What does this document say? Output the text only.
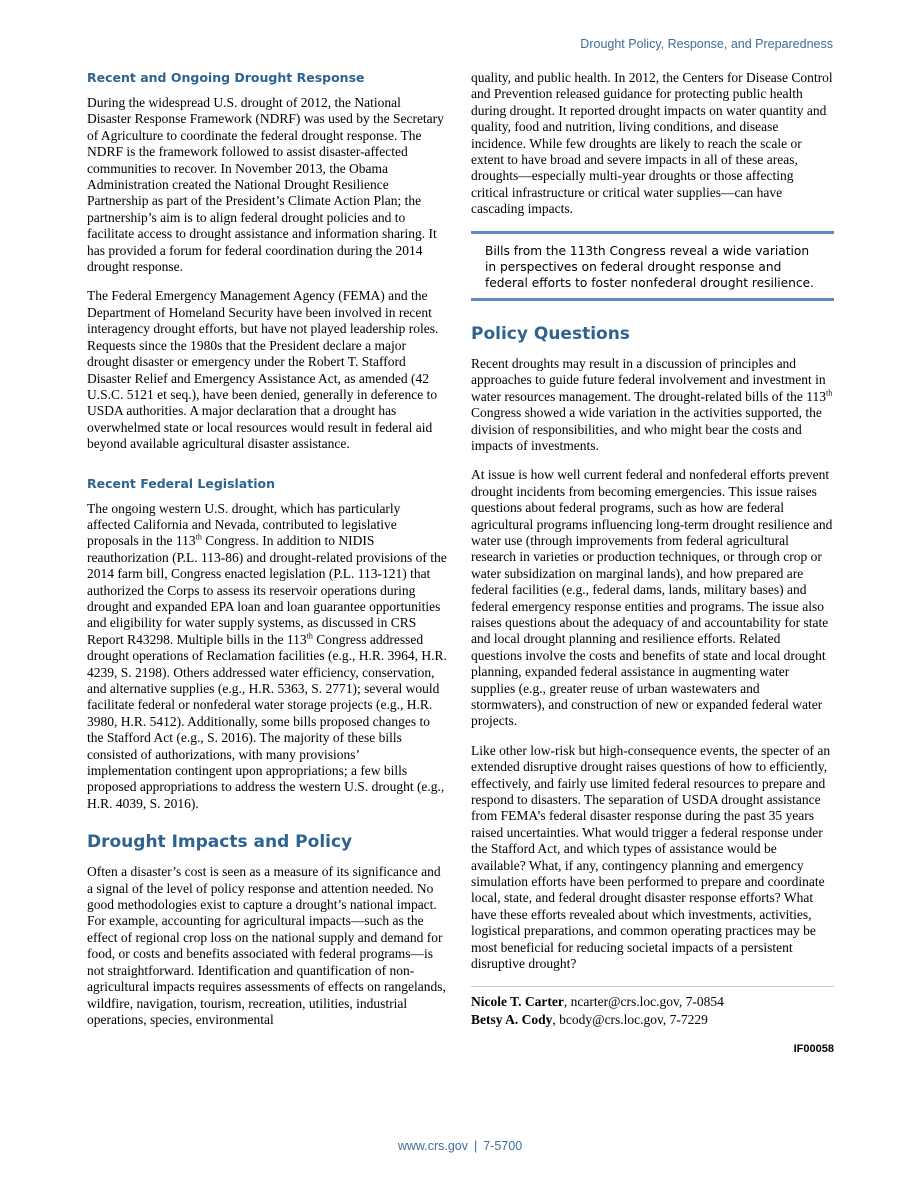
Drought Policy, Response, and Preparedness
Recent and Ongoing Drought Response

During the widespread U.S. drought of 2012, the National Disaster Response Framework (NDRF) was used by the Secretary of Agriculture to coordinate the federal drought response. The NDRF is the framework followed to assist disaster-affected communities to recover. In November 2013, the Obama Administration created the National Drought Resilience Partnership as part of the President’s Climate Action Plan; the partnership’s aim is to align federal drought policies and to facilitate access to drought assistance and information sharing. It has provided a forum for federal coordination during the 2014 drought response.

The Federal Emergency Management Agency (FEMA) and the Department of Homeland Security have been involved in recent interagency drought efforts, but have not played leadership roles. Requests since the 1980s that the President declare a major drought disaster or emergency under the Robert T. Stafford Disaster Relief and Emergency Assistance Act, as amended (42 U.S.C. 5121 et seq.), have been denied, generally in deference to USDA authorities. A major declaration that a drought has overwhelmed state or local resources would result in federal aid beyond available agricultural disaster assistance.

Recent Federal Legislation

The ongoing western U.S. drought, which has particularly affected California and Nevada, contributed to legislative proposals in the 113th Congress. In addition to NIDIS reauthorization (P.L. 113-86) and drought-related provisions of the 2014 farm bill, Congress enacted legislation (P.L. 113-121) that authorized the Corps to assess its reservoir operations during drought and expanded EPA loan and loan guarantee opportunities and eligibility for water supply systems, as discussed in CRS Report R43298. Multiple bills in the 113th Congress addressed drought operations of Reclamation facilities (e.g., H.R. 3964, H.R. 4239, S. 2198). Others addressed water efficiency, conservation, and alternative supplies (e.g., H.R. 5363, S. 2771); several would facilitate federal or nonfederal water storage projects (e.g., H.R. 3980, H.R. 5412). Additionally, some bills proposed changes to the Stafford Act (e.g., S. 2016). The majority of these bills consisted of authorizations, with many provisions’ implementation contingent upon appropriations; a few bills proposed appropriations to address the western U.S. drought (e.g., H.R. 4039, S. 2016).

Drought Impacts and Policy

Often a disaster’s cost is seen as a measure of its significance and a signal of the level of policy response and attention needed. No good methodologies exist to capture a drought’s national impact. For example, accounting for agricultural impacts—such as the effect of regional crop loss on the national supply and demand for food, or costs and benefits associated with federal programs—is not straightforward. Identification and quantification of non-agricultural impacts requires assessments of effects on rangelands, wildfire, navigation, tourism, recreation, utilities, industrial operations, species, environmental

quality, and public health. In 2012, the Centers for Disease Control and Prevention released guidance for protecting public health during drought. It reported drought impacts on water quantity and quality, food and nutrition, living conditions, and disease incidence. While few droughts are likely to reach the scale or extent to have broad and severe impacts in all of these areas, droughts—especially multi-year droughts or those affecting critical infrastructure or critical water supplies—can have cascading impacts.

Bills from the 113th Congress reveal a wide variation in perspectives on federal drought response and federal efforts to foster nonfederal drought resilience.

Policy Questions

Recent droughts may result in a discussion of principles and approaches to guide future federal involvement and investment in water resources management. The drought-related bills of the 113th Congress showed a wide variation in the activities supported, the division of responsibilities, and who might bear the costs and impacts of investments.

At issue is how well current federal and nonfederal efforts prevent drought incidents from becoming emergencies. This issue raises questions about federal programs, such as how are federal agricultural programs influencing long-term drought resilience and water use (through improvements from federal agricultural research in varieties or production techniques, or through crop or water subsidization on marginal lands), and how prepared are federal facilities (e.g., federal dams, lands, military bases) and federal emergency response entities and programs. The issue also raises questions about the adequacy of and accountability for state and local drought planning and resilience efforts. Related questions involve the costs and benefits of state and local drought planning, expanded federal assistance in augmenting water supplies (e.g., greater reuse of urban wastewaters and stormwaters), and construction of new or expanded federal water projects.

Like other low-risk but high-consequence events, the specter of an extended disruptive drought raises questions of how to efficiently, effectively, and fairly use limited federal resources to prepare and respond to disasters. The separation of USDA drought assistance from FEMA’s federal disaster response during the past 35 years raised uncertainties. What would trigger a federal response under the Stafford Act, and which types of assistance would be available? What, if any, contingency planning and emergency simulation efforts have been performed to prepare and coordinate local, state, and federal drought disaster response efforts? What have these efforts revealed about which investments, activities, logistical preparations, and common operating practices may be most beneficial for reducing societal impacts of a persistent disruptive drought?

Nicole T. Carter, ncarter@crs.loc.gov, 7-0854
Betsy A. Cody, bcody@crs.loc.gov, 7-7229
IF00058
www.crs.gov | 7-5700
